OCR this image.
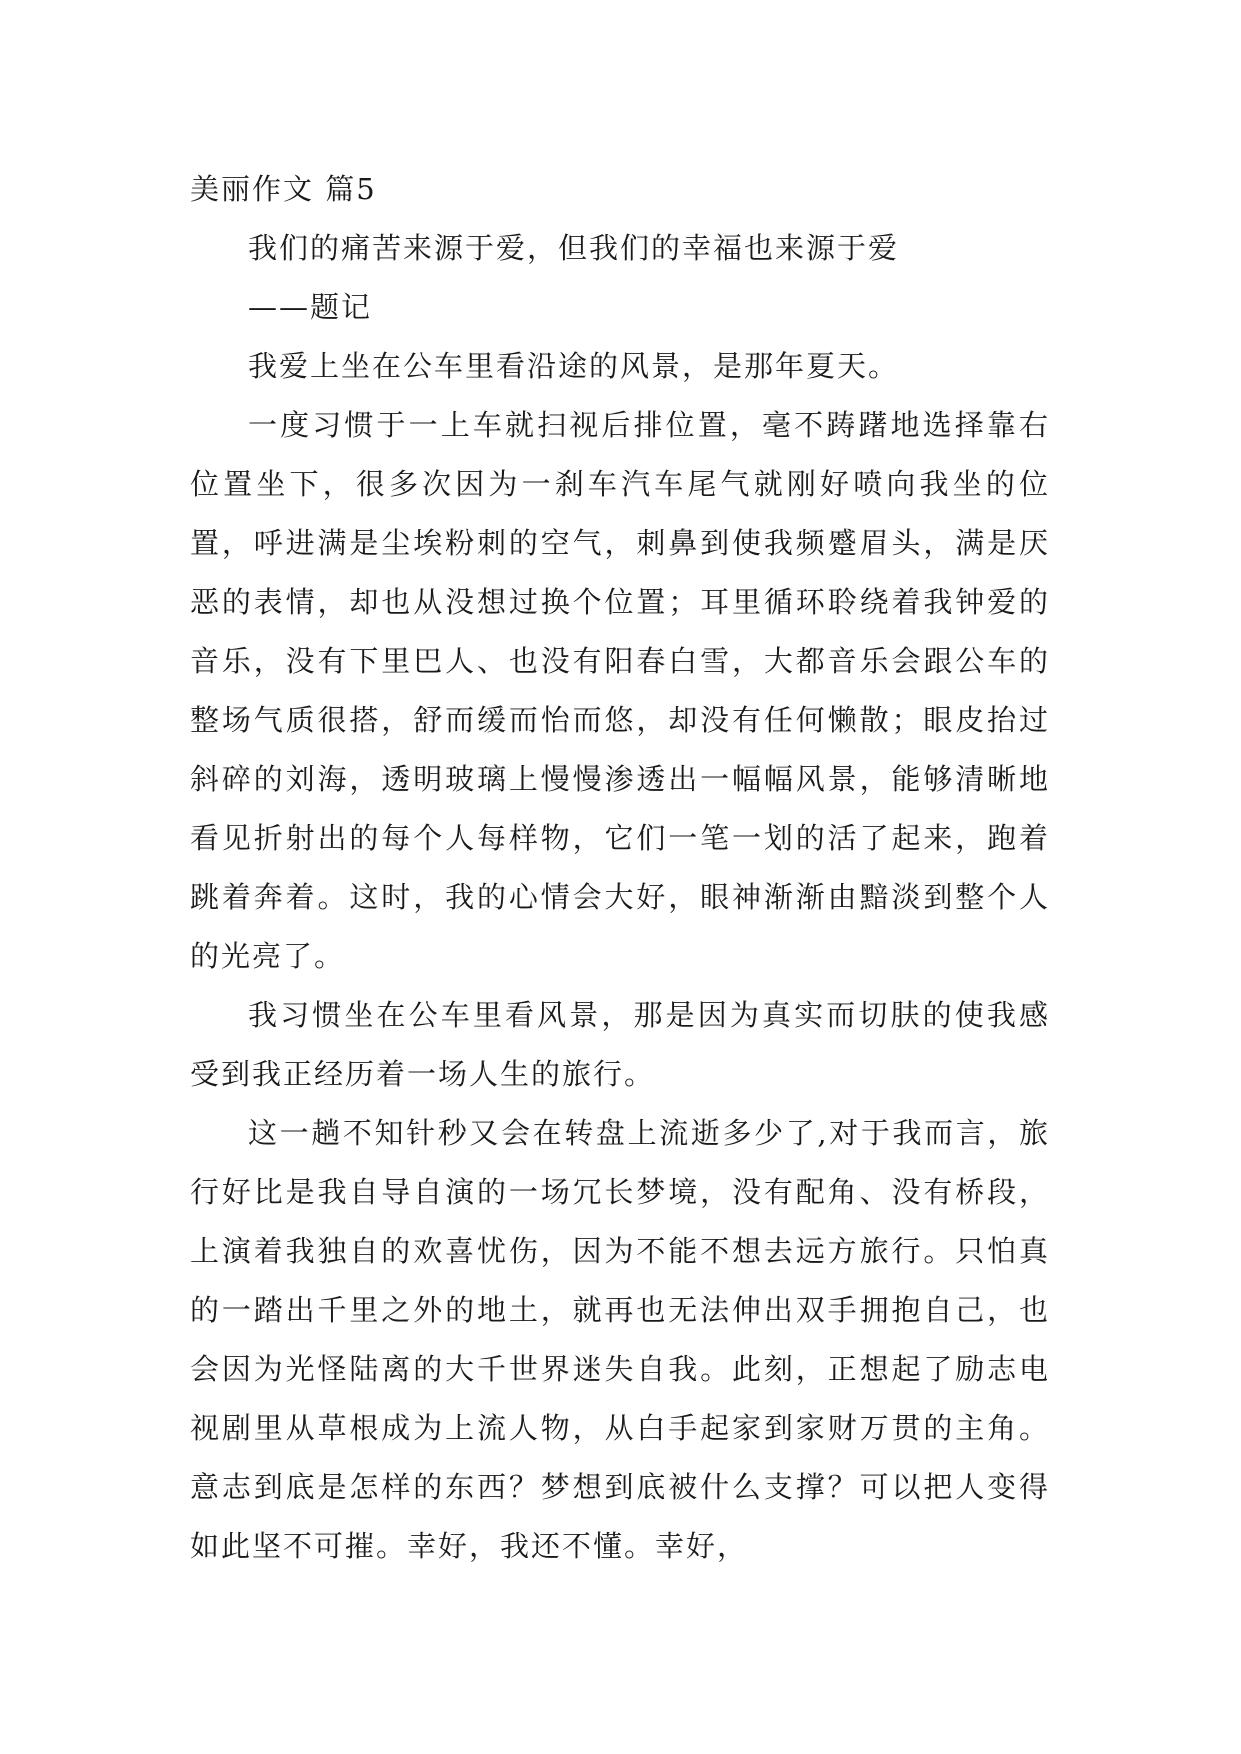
美丽作文 篇5

我们的痛苦来源于爱，但我们的幸福也来源于爱

——题记

我爱上坐在公车里看沿途的风景，是那年夏天。

一度习惯于一上车就扫视后排位置，毫不踌躇地选择靠右位置坐下，很多次因为一刹车汽车尾气就刚好喷向我坐的位置，呼进满是尘埃粉刺的空气，刺鼻到使我频蹙眉头，满是厌恶的表情，却也从没想过换个位置；耳里循环聆绕着我钟爱的音乐，没有下里巴人、也没有阳春白雪，大都音乐会跟公车的整场气质很搭，舒而缓而怡而悠，却没有任何懒散；眼皮抬过斜碎的刘海，透明玻璃上慢慢渗透出一幅幅风景，能够清晰地看见折射出的每个人每样物，它们一笔一划的活了起来，跑着跳着奔着。这时，我的心情会大好，眼神渐渐由黯淡到整个人的光亮了。

我习惯坐在公车里看风景，那是因为真实而切肤的使我感受到我正经历着一场人生的旅行。

这一趟不知针秒又会在转盘上流逝多少了,对于我而言，旅行好比是我自导自演的一场冗长梦境，没有配角、没有桥段，上演着我独自的欢喜忧伤，因为不能不想去远方旅行。只怕真的一踏出千里之外的地土，就再也无法伸出双手拥抱自己，也会因为光怪陆离的大千世界迷失自我。此刻，正想起了励志电视剧里从草根成为上流人物，从白手起家到家财万贯的主角。意志到底是怎样的东西？梦想到底被什么支撑？可以把人变得如此坚不可摧。幸好，我还不懂。幸好，
